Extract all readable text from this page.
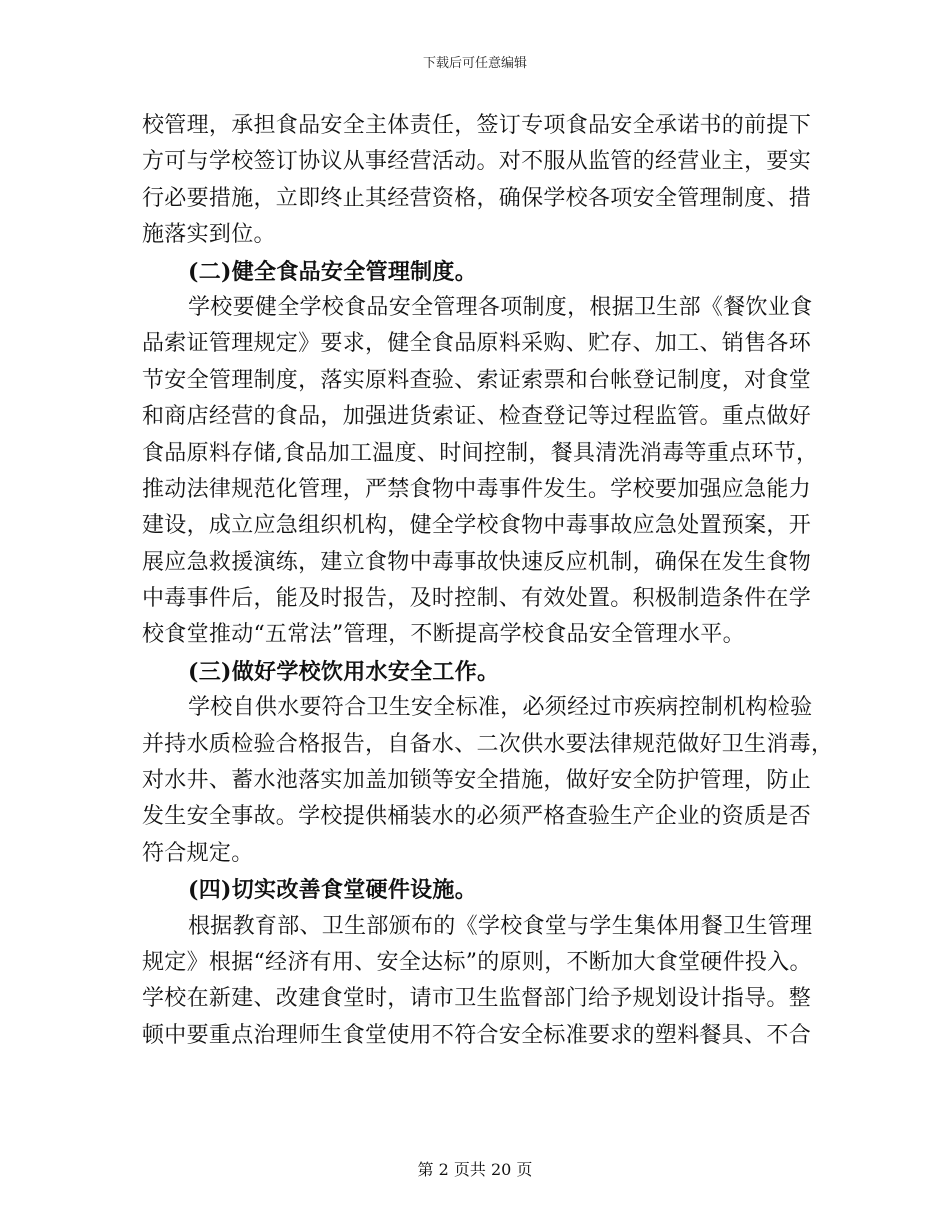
下载后可任意编辑
校管理，承担食品安全主体责任，签订专项食品安全承诺书的前提下
方可与学校签订协议从事经营活动。对不服从监管的经营业主，要实
行必要措施，立即终止其经营资格，确保学校各项安全管理制度、措
施落实到位。
(二)健全食品安全管理制度。
学校要健全学校食品安全管理各项制度，根据卫生部《餐饮业食
品索证管理规定》要求，健全食品原料采购、贮存、加工、销售各环
节安全管理制度，落实原料查验、索证索票和台帐登记制度，对食堂
和商店经营的食品，加强进货索证、检查登记等过程监管。重点做好
食品原料存储,食品加工温度、时间控制，餐具清洗消毒等重点环节，
推动法律规范化管理，严禁食物中毒事件发生。学校要加强应急能力
建设，成立应急组织机构，健全学校食物中毒事故应急处置预案，开
展应急救援演练，建立食物中毒事故快速反应机制，确保在发生食物
中毒事件后，能及时报告，及时控制、有效处置。积极制造条件在学
校食堂推动“五常法”管理，不断提高学校食品安全管理水平。
(三)做好学校饮用水安全工作。
学校自供水要符合卫生安全标准，必须经过市疾病控制机构检验
并持水质检验合格报告，自备水、二次供水要法律规范做好卫生消毒，
对水井、蓄水池落实加盖加锁等安全措施，做好安全防护管理，防止
发生安全事故。学校提供桶装水的必须严格查验生产企业的资质是否
符合规定。
(四)切实改善食堂硬件设施。
根据教育部、卫生部颁布的《学校食堂与学生集体用餐卫生管理
规定》根据“经济有用、安全达标”的原则，不断加大食堂硬件投入。
学校在新建、改建食堂时，请市卫生监督部门给予规划设计指导。整
顿中要重点治理师生食堂使用不符合安全标准要求的塑料餐具、不合
第 2 页共 20 页
